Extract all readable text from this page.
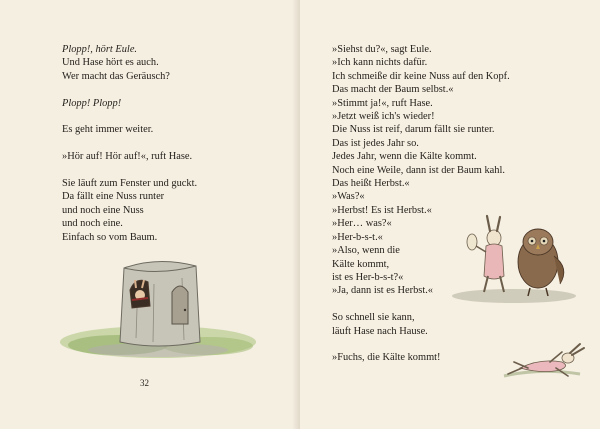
Plopp!, hört Eule.

Und Hase hört es auch.

Wer macht das Geräusch?

Plopp! Plopp!

Es geht immer weiter.

»Hör auf! Hör auf!«, ruft Hase.

Sie läuft zum Fenster und guckt.

Da fällt eine Nuss runter

und noch eine Nuss

und noch eine.

Einfach so vom Baum.

32

»Siehst du?«, sagt Eule.

»Ich kann nichts dafür.

Ich schmeiße dir keine Nuss auf den Kopf.

Das macht der Baum selbst.«

»Stimmt ja!«, ruft Hase.

»Jetzt weiß ich's wieder!

Die Nuss ist reif, darum fällt sie runter.

Das ist jedes Jahr so.

Jedes Jahr, wenn die Kälte kommt.

Noch eine Weile, dann ist der Baum kahl.

Das heißt Herbst.«

»Was?«

»Herbst! Es ist Herbst.«

»Her… was?«

»Her-b-s-t.«

»Also, wenn die

Kälte kommt,

ist es Her-b-s-t?«

»Ja, dann ist es Herbst.«

So schnell sie kann,

läuft Hase nach Hause.

»Fuchs, die Kälte kommt!
